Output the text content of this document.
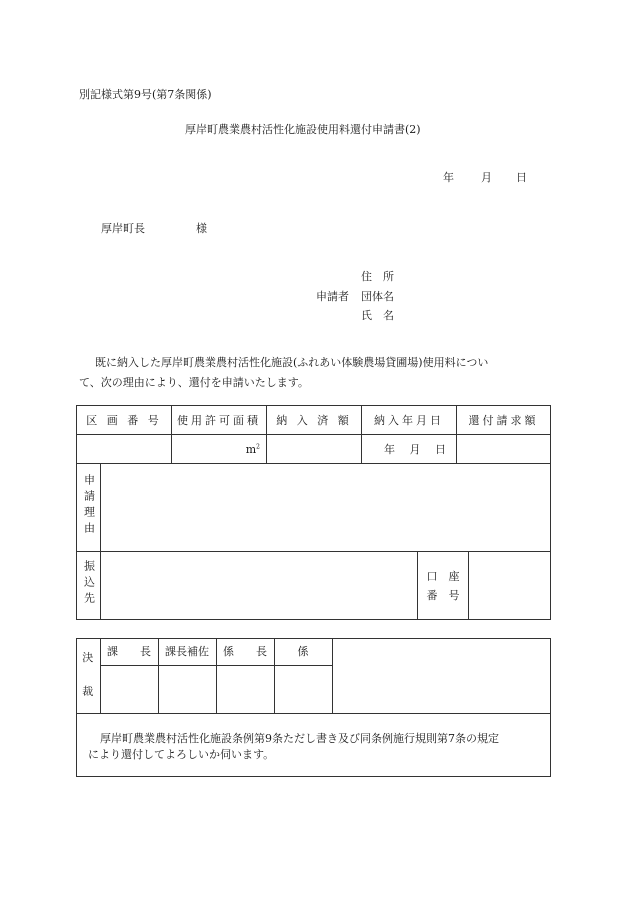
別記様式第9号(第7条関係)
厚岸町農業農村活性化施設使用料還付申請書(2)
年 月 日
厚岸町長	様
住　所
申請者 団体名
氏　名
既に納入した厚岸町農業農村活性化施設(ふれあい体験農場貸圃場)使用料につい
て、次の理由により、還付を申請いたします。
区 画 番 号	使用許可面積	納 入 済 額	納入年月日	還付請求額
	$m^2$		年　 月　 日	
申請理由	
振込先		口　座
番　号

決
裁	課　　長	課長補佐	係　　長	係

厚岸町農業農村活性化施設条例第9条ただし書き及び同条例施行規則第7条の規定
により還付してよろしいか伺います。
